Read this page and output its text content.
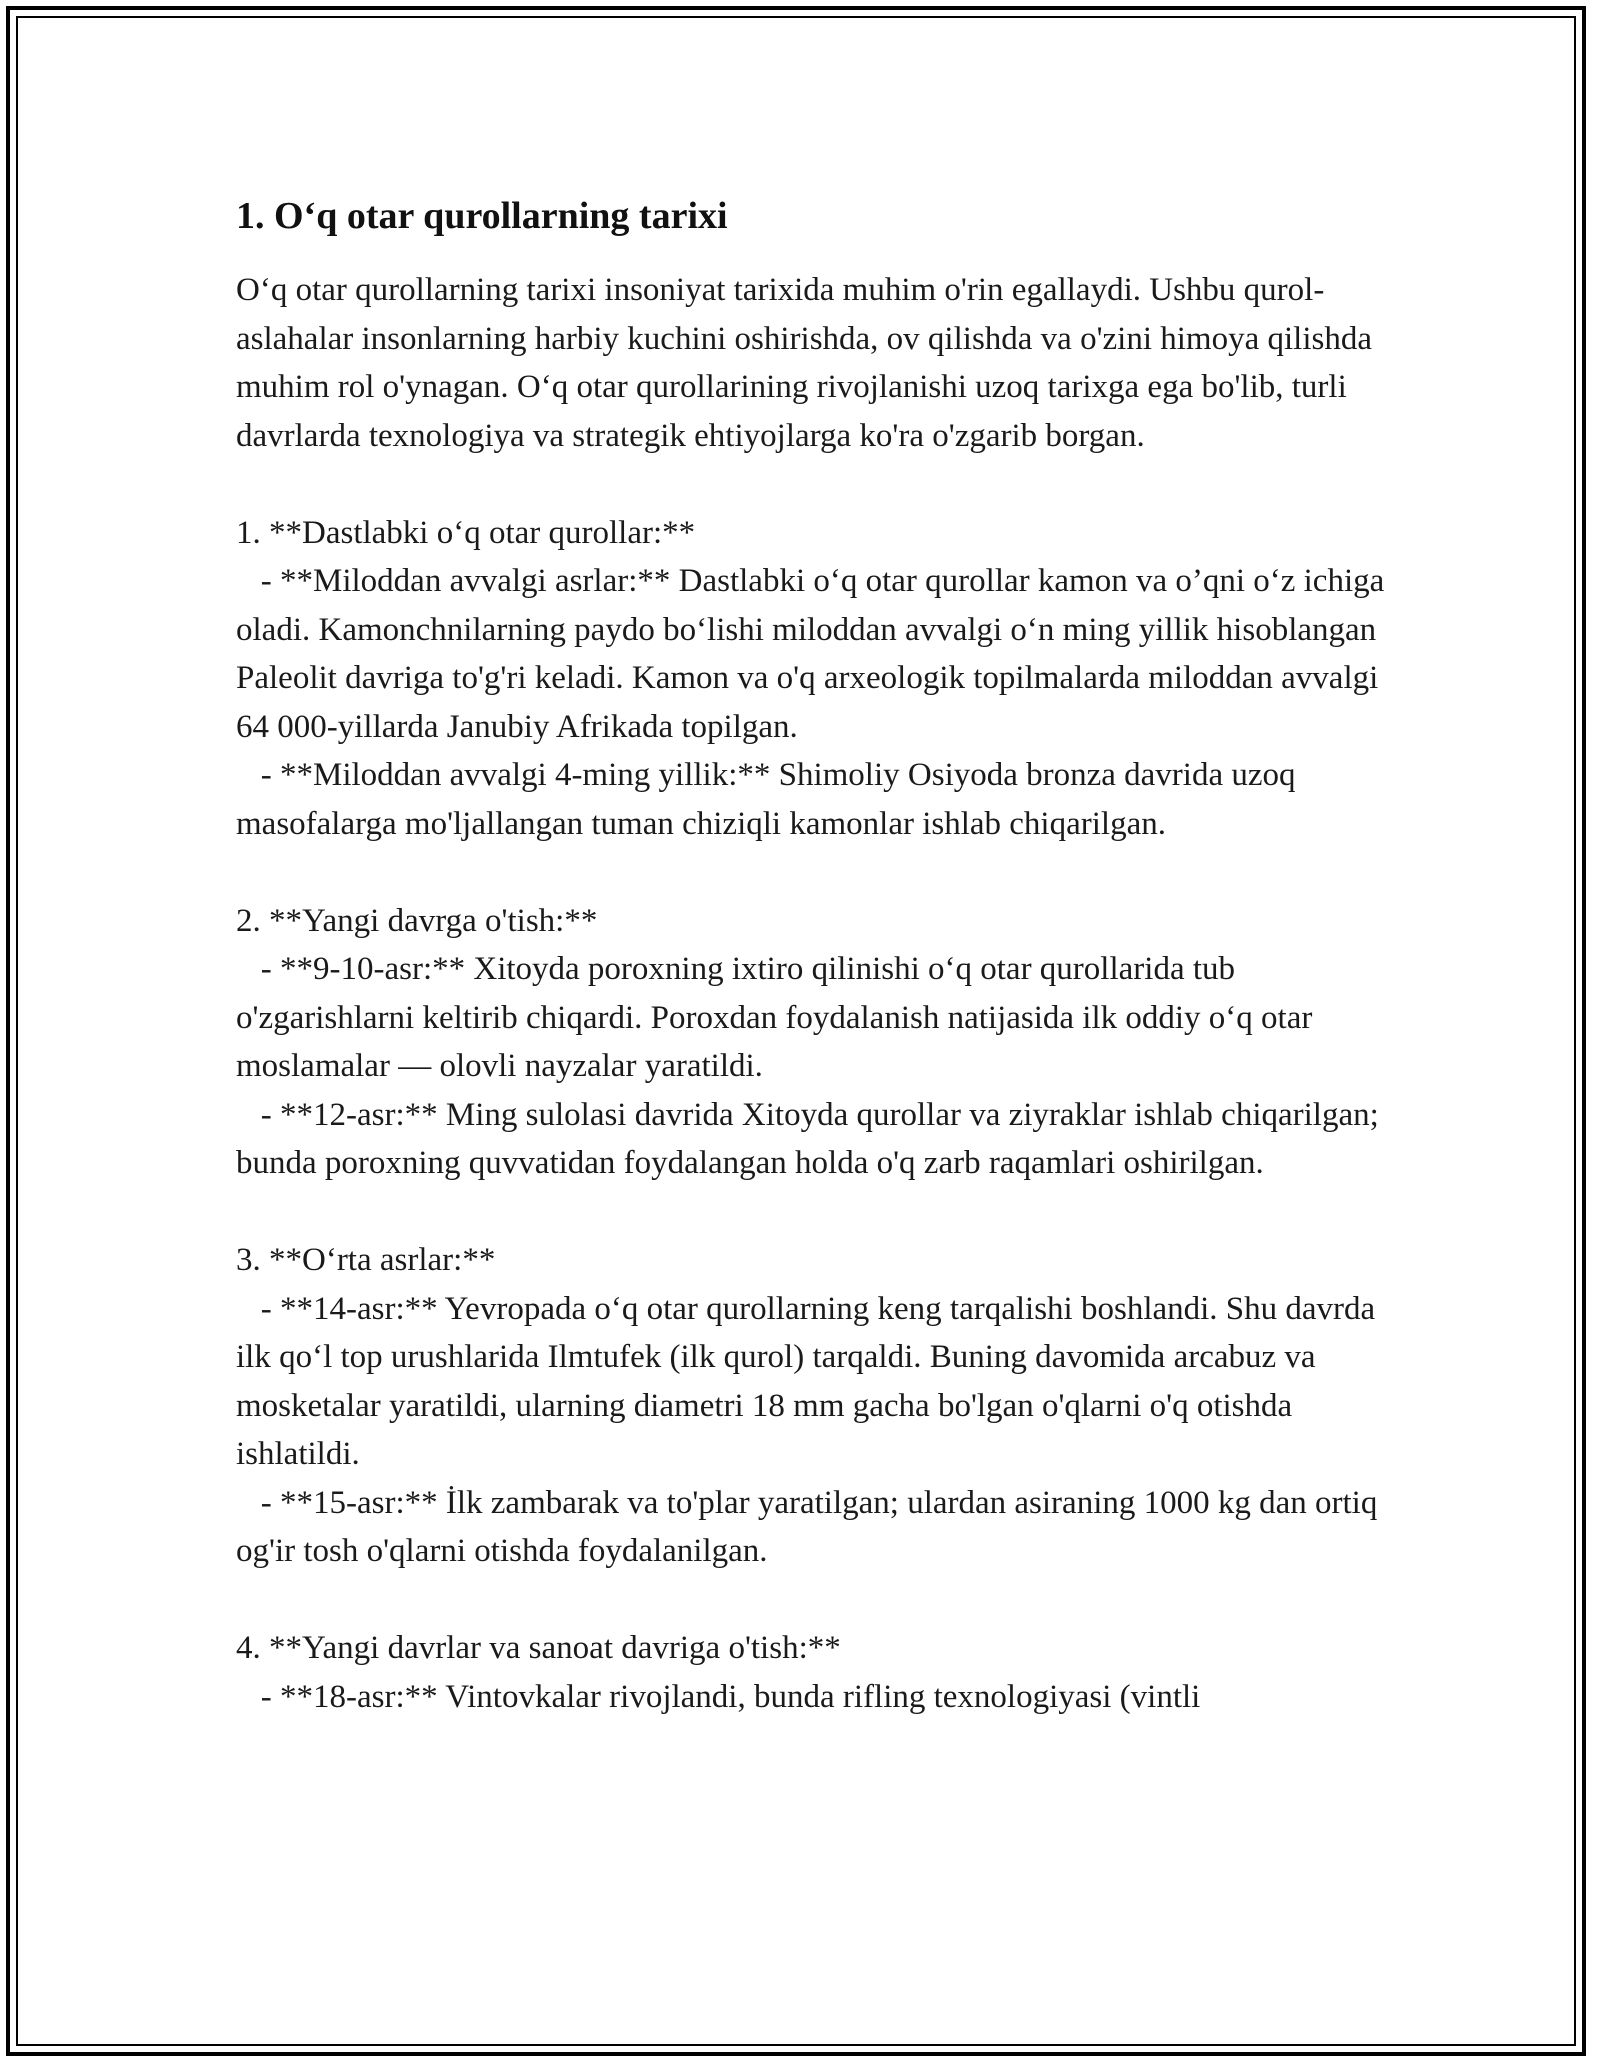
1. O‘q otar qurollarning tarixi

O‘q otar qurollarning tarixi insoniyat tarixida muhim o'rin egallaydi. Ushbu qurol-aslahalar insonlarning harbiy kuchini oshirishda, ov qilishda va o'zini himoya qilishda muhim rol o'ynagan. O‘q otar qurollarining rivojlanishi uzoq tarixga ega bo'lib, turli davrlarda texnologiya va strategik ehtiyojlarga ko'ra o'zgarib borgan.

1. **Dastlabki o‘q otar qurollar:**

- **Miloddan avvalgi asrlar:** Dastlabki o‘q otar qurollar kamon va o’qni o‘z ichiga oladi. Kamonchnilarning paydo bo‘lishi miloddan avvalgi o‘n ming yillik hisoblangan Paleolit davriga to'g'ri keladi. Kamon va o'q arxeologik topilmalarda miloddan avvalgi 64 000-yillarda Janubiy Afrikada topilgan.

- **Miloddan avvalgi 4-ming yillik:** Shimoliy Osiyoda bronza davrida uzoq masofalarga mo'ljallangan tuman chiziqli kamonlar ishlab chiqarilgan.

2. **Yangi davrga o'tish:**

- **9-10-asr:** Xitoyda poroxning ixtiro qilinishi o‘q otar qurollarida tub o'zgarishlarni keltirib chiqardi. Poroxdan foydalanish natijasida ilk oddiy o‘q otar moslamalar — olovli nayzalar yaratildi.

- **12-asr:** Ming sulolasi davrida Xitoyda qurollar va ziyraklar ishlab chiqarilgan; bunda poroxning quvvatidan foydalangan holda o'q zarb raqamlari oshirilgan.

3. **O‘rta asrlar:**

- **14-asr:** Yevropada o‘q otar qurollarning keng tarqalishi boshlandi. Shu davrda ilk qo‘l top urushlarida Ilmtufek (ilk qurol) tarqaldi. Buning davomida arcabuz va mosketalar yaratildi, ularning diametri 18 mm gacha bo'lgan o'qlarni o'q otishda ishlatildi.

- **15-asr:** İlk zambarak va to'plar yaratilgan; ulardan asiraning 1000 kg dan ortiq og'ir tosh o'qlarni otishda foydalanilgan.

4. **Yangi davrlar va sanoat davriga o'tish:**

- **18-asr:** Vintovkalar rivojlandi, bunda rifling texnologiyasi (vintli
